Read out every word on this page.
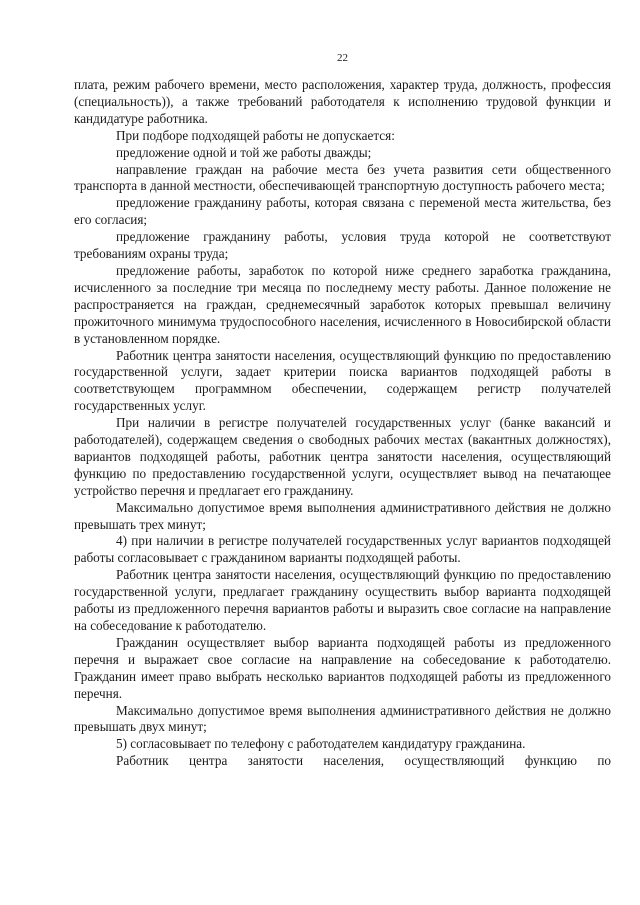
22

плата, режим рабочего времени, место расположения, характер труда, должность, профессия (специальность)), а также требований работодателя к исполнению трудовой функции и кандидатуре работника.

При подборе подходящей работы не допускается:

предложение одной и той же работы дважды;

направление граждан на рабочие места без учета развития сети общественного транспорта в данной местности, обеспечивающей транспортную доступность рабочего места;

предложение гражданину работы, которая связана с переменой места жительства, без его согласия;

предложение гражданину работы, условия труда которой не соответствуют требованиям охраны труда;

предложение работы, заработок по которой ниже среднего заработка гражданина, исчисленного за последние три месяца по последнему месту работы. Данное положение не распространяется на граждан, среднемесячный заработок которых превышал величину прожиточного минимума трудоспособного населения, исчисленного в Новосибирской области в установленном порядке.

Работник центра занятости населения, осуществляющий функцию по предоставлению государственной услуги, задает критерии поиска вариантов подходящей работы в соответствующем программном обеспечении, содержащем регистр получателей государственных услуг.

При наличии в регистре получателей государственных услуг (банке вакансий и работодателей), содержащем сведения о свободных рабочих местах (вакантных должностях), вариантов подходящей работы, работник центра занятости населения, осуществляющий функцию по предоставлению государственной услуги, осуществляет вывод на печатающее устройство перечня и предлагает его гражданину.

Максимально допустимое время выполнения административного действия не должно превышать трех минут;

4) при наличии в регистре получателей государственных услуг вариантов подходящей работы согласовывает с гражданином варианты подходящей работы.

Работник центра занятости населения, осуществляющий функцию по предоставлению государственной услуги, предлагает гражданину осуществить выбор варианта подходящей работы из предложенного перечня вариантов работы и выразить свое согласие на направление на собеседование к работодателю.

Гражданин осуществляет выбор варианта подходящей работы из предложенного перечня и выражает свое согласие на направление на собеседование к работодателю. Гражданин имеет право выбрать несколько вариантов подходящей работы из предложенного перечня.

Максимально допустимое время выполнения административного действия не должно превышать двух минут;

5) согласовывает по телефону с работодателем кандидатуру гражданина.

Работник центра занятости населения, осуществляющий функцию по
